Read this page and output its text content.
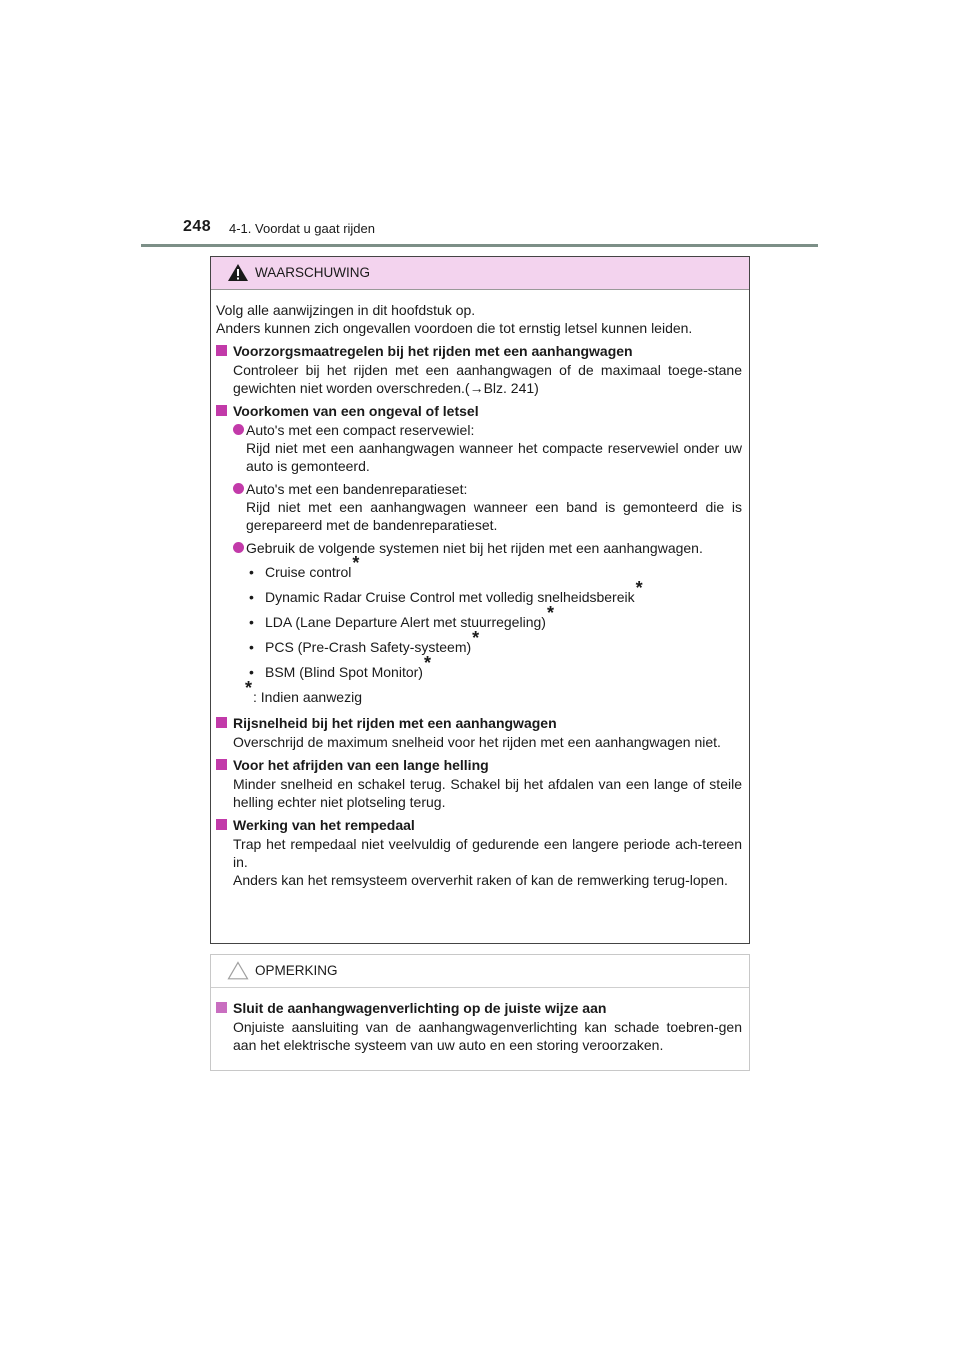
248 4-1. Voordat u gaat rijden
WAARSCHUWING
Volg alle aanwijzingen in dit hoofdstuk op.
Anders kunnen zich ongevallen voordoen die tot ernstig letsel kunnen leiden.
Voorzorgsmaatregelen bij het rijden met een aanhangwagen
Controleer bij het rijden met een aanhangwagen of de maximaal toege-stane gewichten niet worden overschreden.(→Blz. 241)
Voorkomen van een ongeval of letsel
Auto's met een compact reservewiel:
Rijd niet met een aanhangwagen wanneer het compacte reservewiel onder uw auto is gemonteerd.
Auto's met een bandenreparatieset:
Rijd niet met een aanhangwagen wanneer een band is gemonteerd die is gerepareerd met de bandenreparatieset.
Gebruik de volgende systemen niet bij het rijden met een aanhangwagen.
• Cruise control*
• Dynamic Radar Cruise Control met volledig snelheidsbereik*
• LDA (Lane Departure Alert met stuurregeling)*
• PCS (Pre-Crash Safety-systeem)*
• BSM (Blind Spot Monitor)*
*: Indien aanwezig
Rijsnelheid bij het rijden met een aanhangwagen
Overschrijd de maximum snelheid voor het rijden met een aanhangwagen niet.
Voor het afrijden van een lange helling
Minder snelheid en schakel terug. Schakel bij het afdalen van een lange of steile helling echter niet plotseling terug.
Werking van het rempedaal
Trap het rempedaal niet veelvuldig of gedurende een langere periode ach-tereen in.
Anders kan het remsysteem oververhit raken of kan de remwerking terug-lopen.
OPMERKING
Sluit de aanhangwagenverlichting op de juiste wijze aan
Onjuiste aansluiting van de aanhangwagenverlichting kan schade toebren-gen aan het elektrische systeem van uw auto en een storing veroorzaken.
